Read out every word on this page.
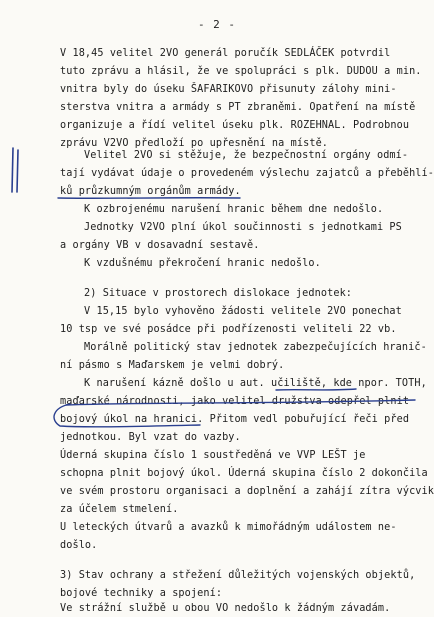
- 2 -
V 18,45 velitel 2VO generál poručík SEDLÁČEK potvrdil
tuto zprávu a hlásil, že ve spolupráci s plk. DUDOU a min.
vnitra byly do úseku ŠAFARIKOVO přisunuty zálohy mini-
sterstva vnitra a armády s PT zbraněmi. Opatření na místě
organizuje a řídí velitel úseku plk. ROZEHNAL. Podrobnou
zprávu V2VO předloží po upřesnění na místě.
Velitel 2VO si stěžuje, že bezpečnostní orgány odmí-
tají vydávat údaje o provedeném výslechu zajatců a přeběhlí-
ků průzkumným orgánům armády.
K ozbrojenému narušení hranic během dne nedošlo.
Jednotky V2VO plní úkol součinnosti s jednotkami PS
a orgány VB v dosavadní sestavě.
K vzdušnému překročení hranic nedošlo.
2) Situace v prostorech dislokace jednotek:
V 15,15 bylo vyhověno žádosti velitele 2VO ponechat
10 tsp ve své posádce při podřízenosti veliteli 22 vb.
Morálně politický stav jednotek zabezpečujících hranič-
ní pásmo s Maďarskem je velmi dobrý.
K narušení kázně došlo u aut. učiliště, kde npor. TOTH,
maďarské národnosti, jako velitel družstva odepřel plnit
bojový úkol na hranici. Přitom vedl pobuřující řeči před
jednotkou. Byl vzat do vazby.
Úderná skupina číslo 1 soustředěná ve VVP LEŠT je
schopna plnit bojový úkol. Úderná skupina číslo 2 dokončila
ve svém prostoru organisaci a doplnění a zahájí zítra výcvik
za účelem stmelení.
U leteckých útvarů a avazků k mimořádným událostem ne-
došlo.
3) Stav ochrany a střežení důležitých vojenských objektů,
bojové techniky a spojení:
Ve strážní službě u obou VO nedošlo k žádným závadám.
